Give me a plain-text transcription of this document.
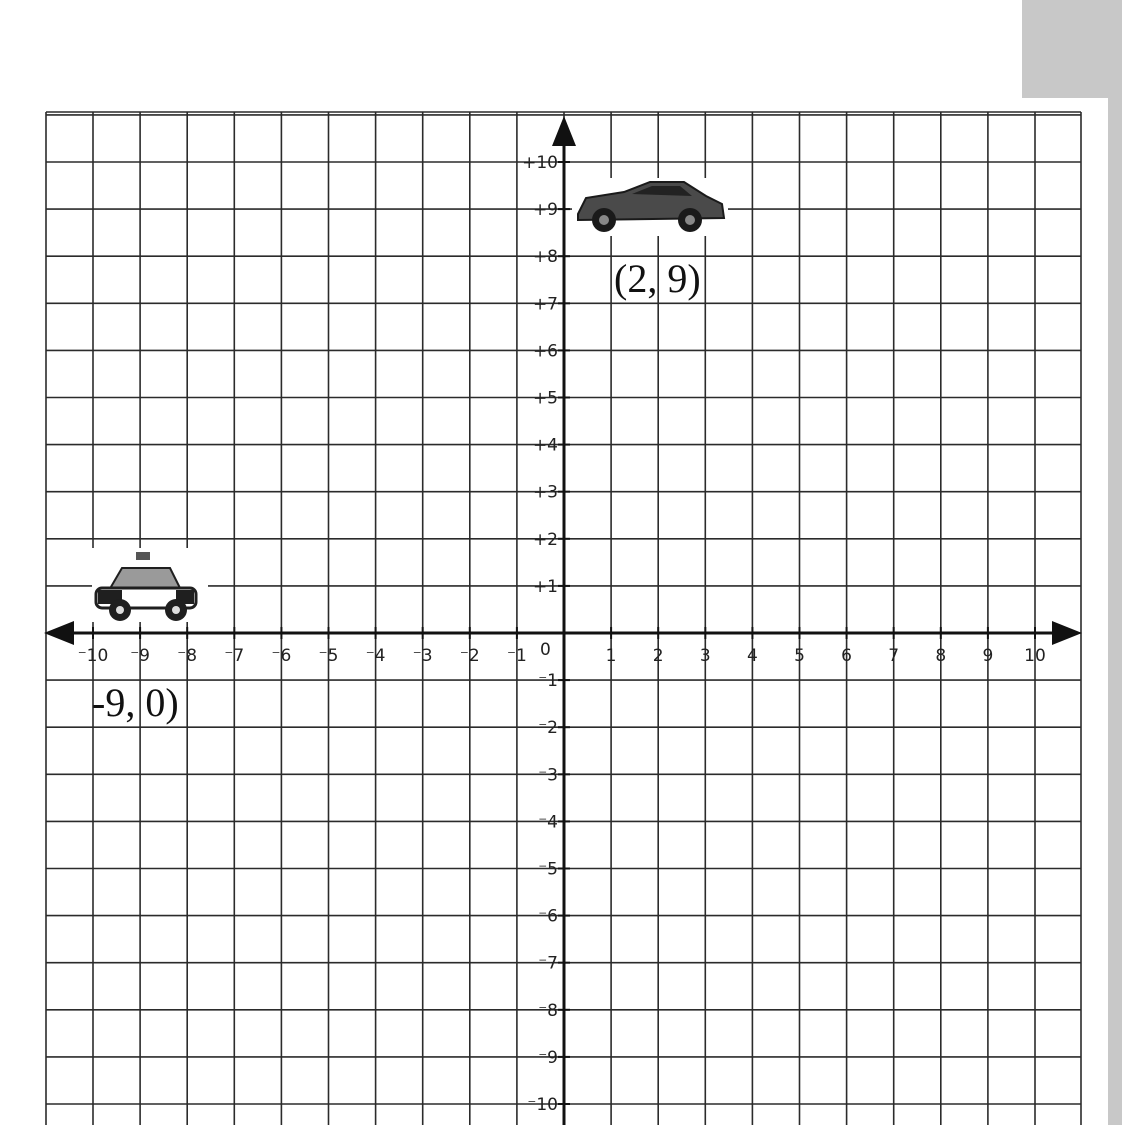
⁻10 ⁻9 ⁻8 ⁻7 ⁻6 ⁻5 ⁻4 ⁻3 ⁻2 ⁻1	1 2 3 4 5 6 7 8 9 10
+1
+2
+3
+4
+5
+6
+7
+8
+9
+10
⁻1
⁻2
⁻3
⁻4
⁻5
⁻6
⁻7
⁻8
⁻9
⁻10
0
(2, 9)
-9, 0)
